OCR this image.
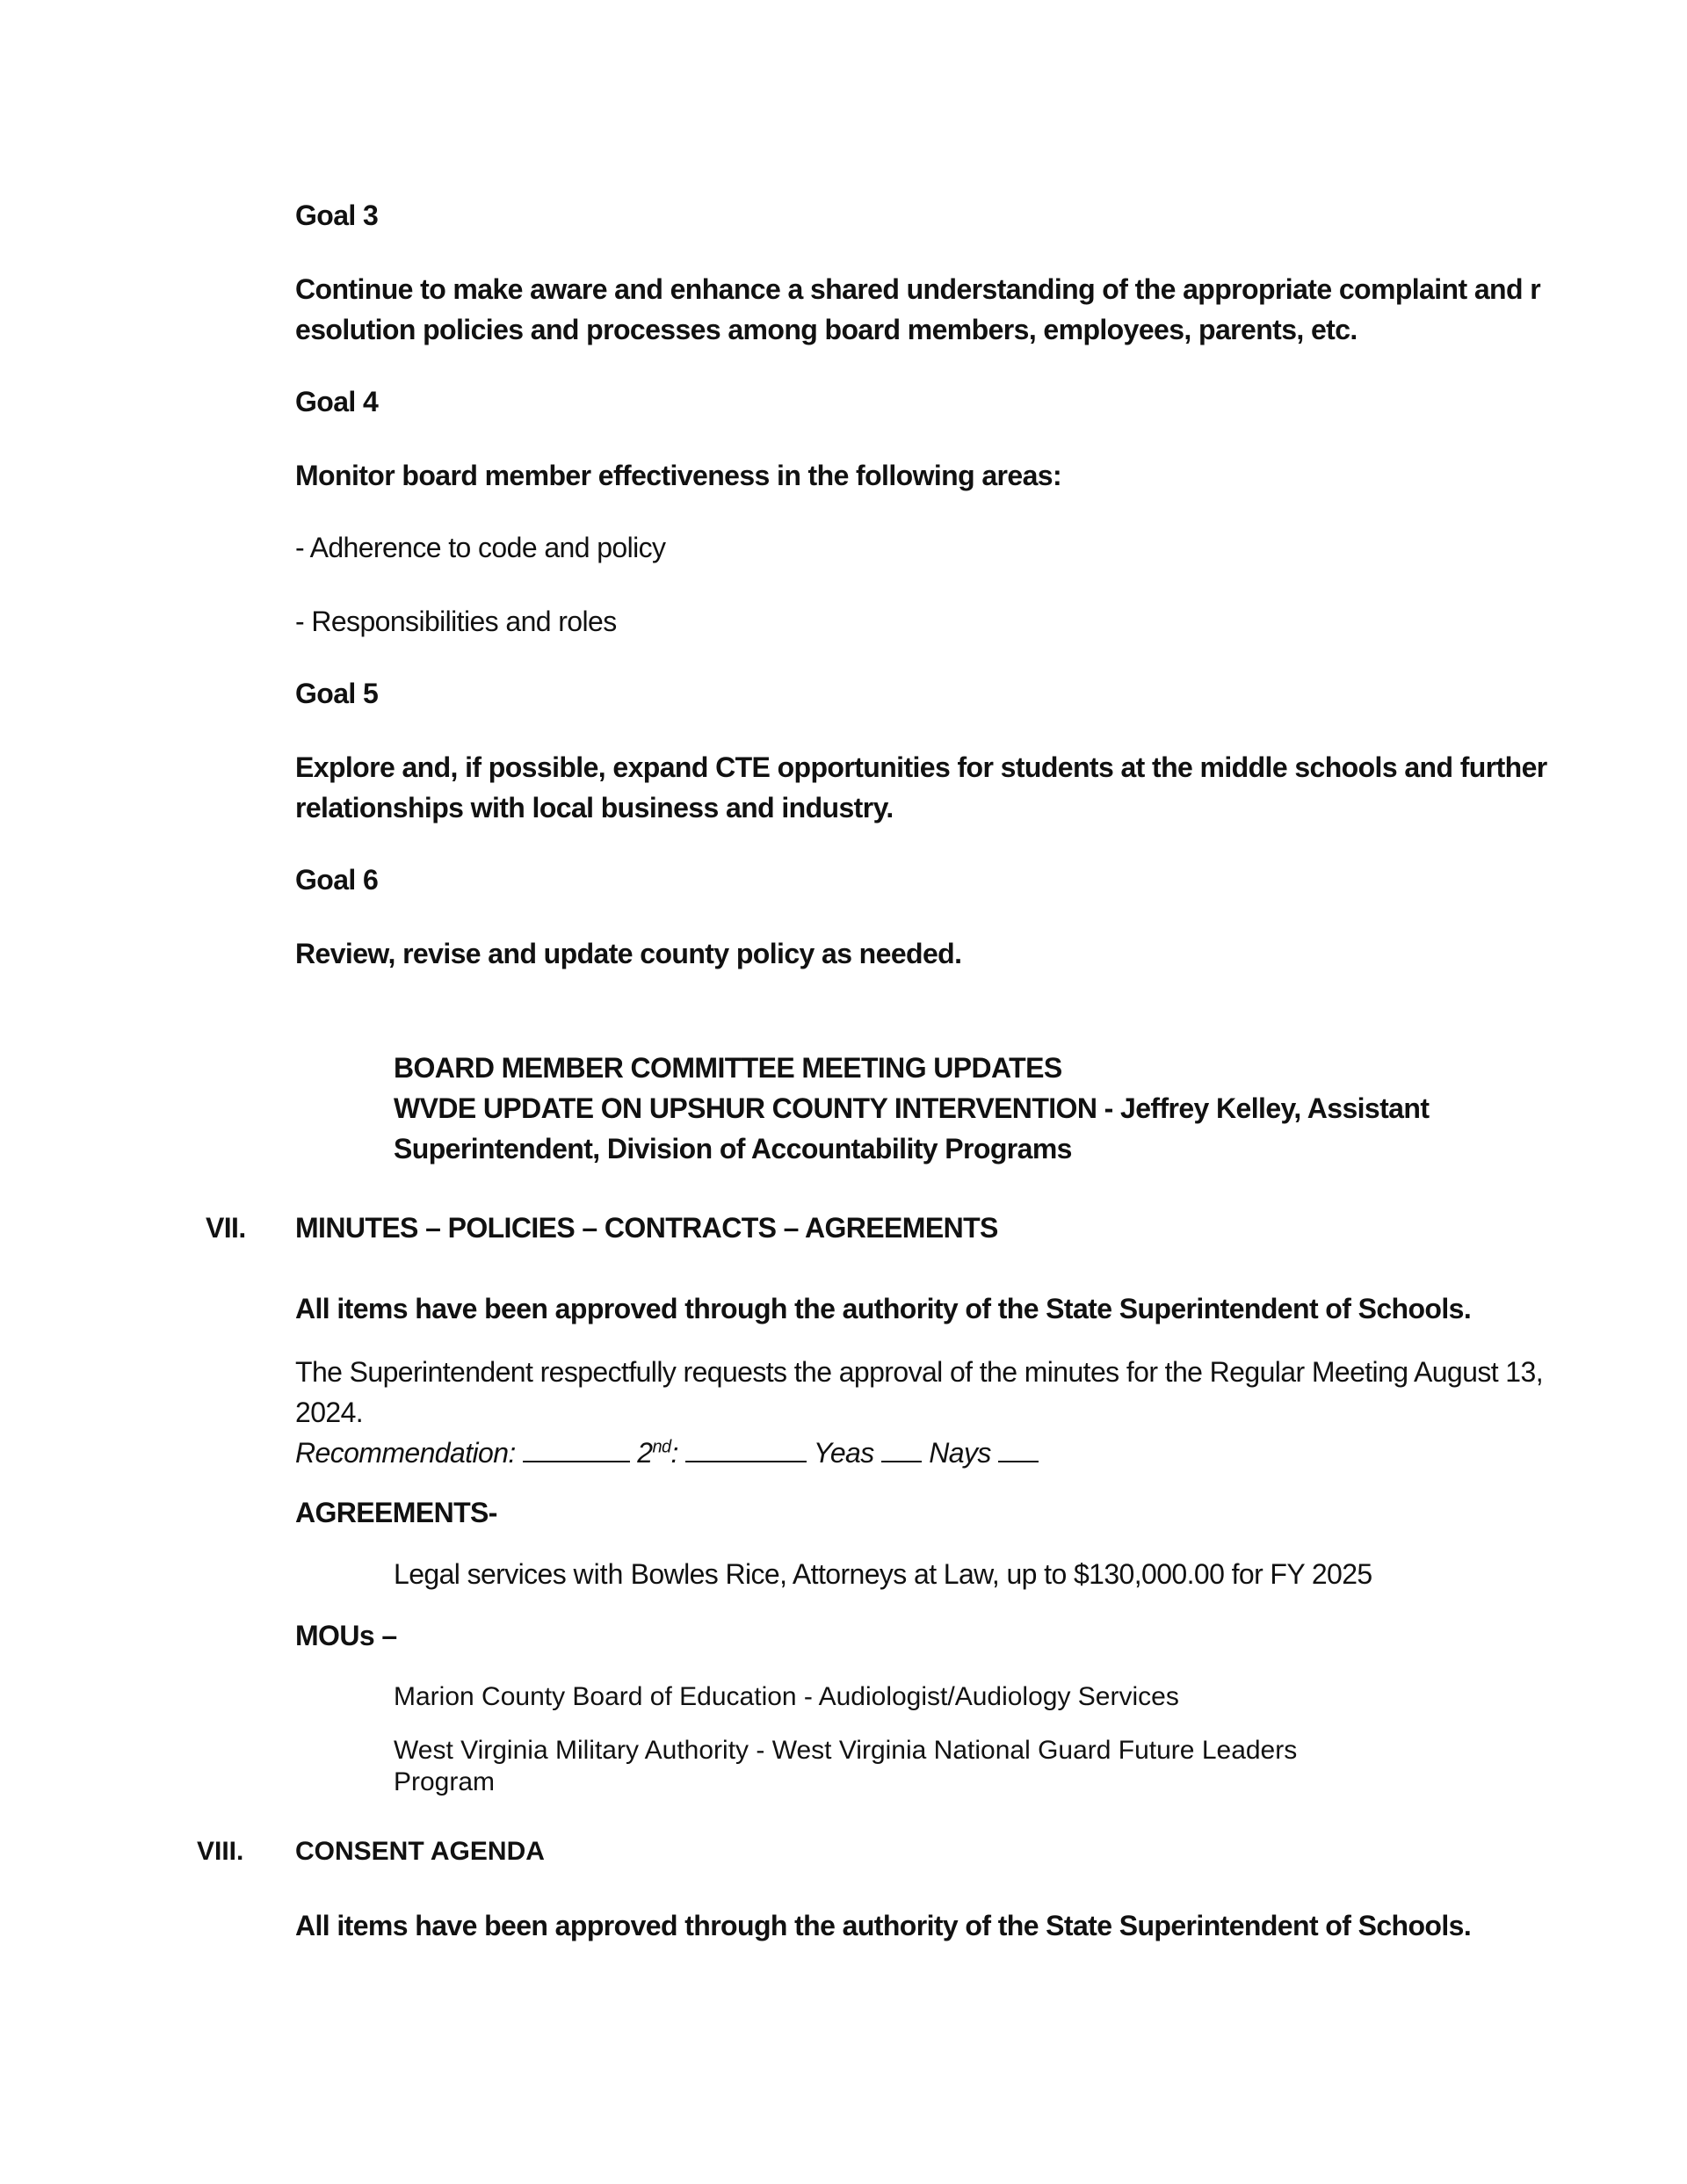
Goal 3
Continue to make aware and enhance a shared understanding of the appropriate complaint and r
esolution policies and processes among board members, employees, parents, etc.
Goal 4
Monitor board member effectiveness in the following areas:
- Adherence to code and policy
- Responsibilities and roles
Goal 5
Explore and, if possible, expand CTE opportunities for students at the middle schools and further
relationships with local business and industry.
Goal 6
Review, revise and update county policy as needed.
BOARD MEMBER COMMITTEE MEETING UPDATES
WVDE UPDATE ON UPSHUR COUNTY INTERVENTION - Jeffrey Kelley, Assistant
Superintendent, Division of Accountability Programs
VII. MINUTES – POLICIES – CONTRACTS – AGREEMENTS
All items have been approved through the authority of the State Superintendent of Schools.
The Superintendent respectfully requests the approval of the minutes for the Regular Meeting August 13,
2024.
Recommendation:	2nd:	Yeas Nays
AGREEMENTS-
Legal services with Bowles Rice, Attorneys at Law, up to $130,000.00 for FY 2025
MOUs –
Marion County Board of Education - Audiologist/Audiology Services
West Virginia Military Authority - West Virginia National Guard Future Leaders
Program
VIII. CONSENT AGENDA
All items have been approved through the authority of the State Superintendent of Schools.
